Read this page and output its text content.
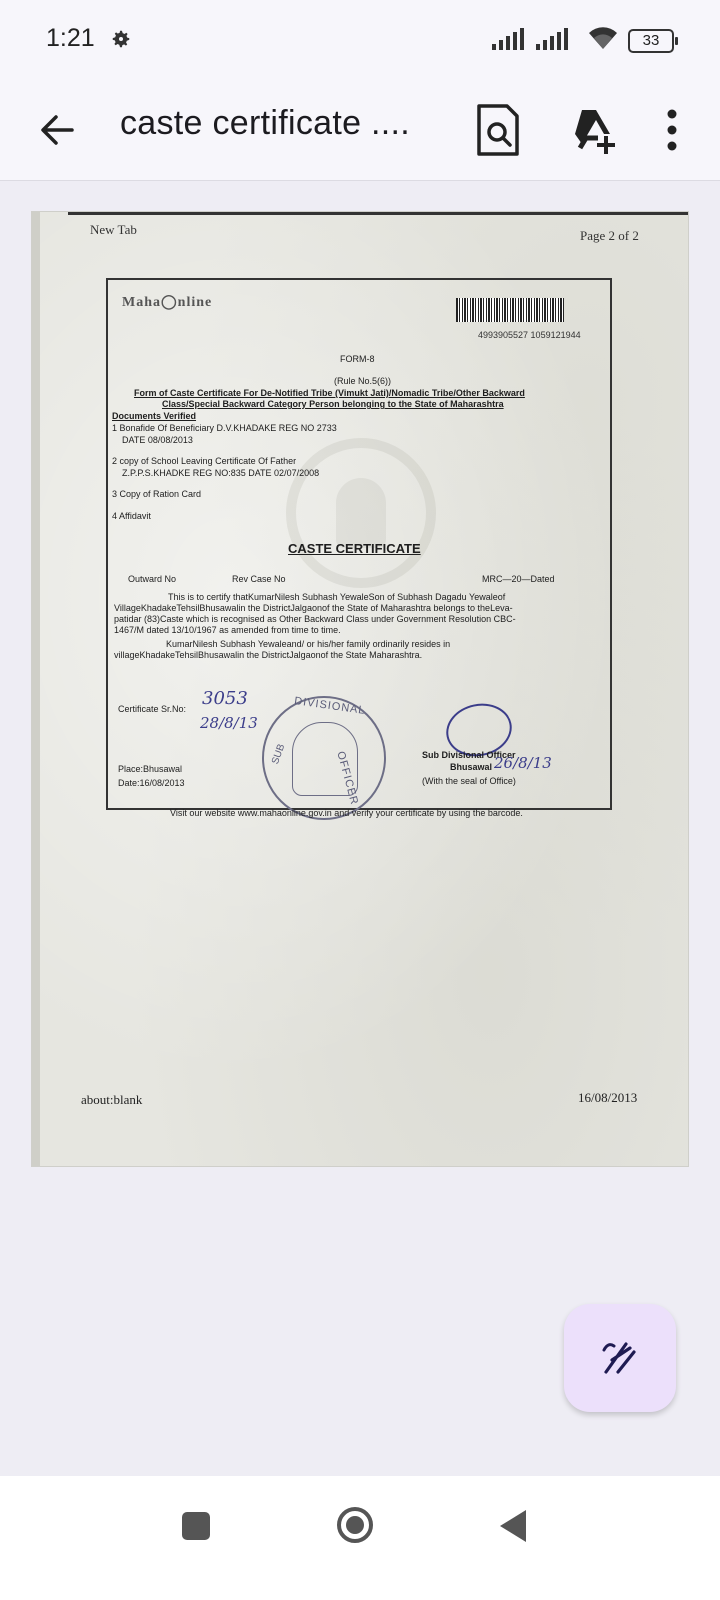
1:21	33
caste certificate ....
New Tab	Page 2 of 2
Maha◯nline
4993905527 1059121944
FORM-8
(Rule No.5(6))
Form of Caste Certificate For De-Notified Tribe (Vimukt Jati)/Nomadic Tribe/Other Backward
Class/Special Backward Category Person belonging to the State of Maharashtra
Documents Verified
1 Bonafide Of Beneficiary D.V.KHADAKE REG NO 2733
DATE 08/08/2013
2 copy of School Leaving Certificate Of Father
Z.P.P.S.KHADKE REG NO:835 DATE 02/07/2008
3 Copy of Ration Card
4 Affidavit
CASTE CERTIFICATE
Outward No	Rev Case No	MRC—20—Dated
This is to certify thatKumarNilesh Subhash YewaleSon of Subhash Dagadu Yewaleof
VillageKhadakeTehsilBhusawalin the DistrictJalgaonof the State of Maharashtra belongs to theLeva-
patidar (83)Caste which is recognised as Other Backward Class under Government Resolution CBC-
1467/M dated 13/10/1967 as amended from time to time.
KumarNilesh Subhash Yewaleand/ or his/her family ordinarily resides in
villageKhadakeTehsilBhusawalin the DistrictJalgaonof the State Maharashtra.
Certificate Sr.No: 3053
28/8/13
DIVISIONAL
OFFICER
SUB
Place:Bhusawal
Date:16/08/2013
Sub Divisional Officer
Bhusawal 26/8/13
(With the seal of Office)
Visit our website www.mahaonline.gov.in and verify your certificate by using the barcode.
about:blank	16/08/2013
